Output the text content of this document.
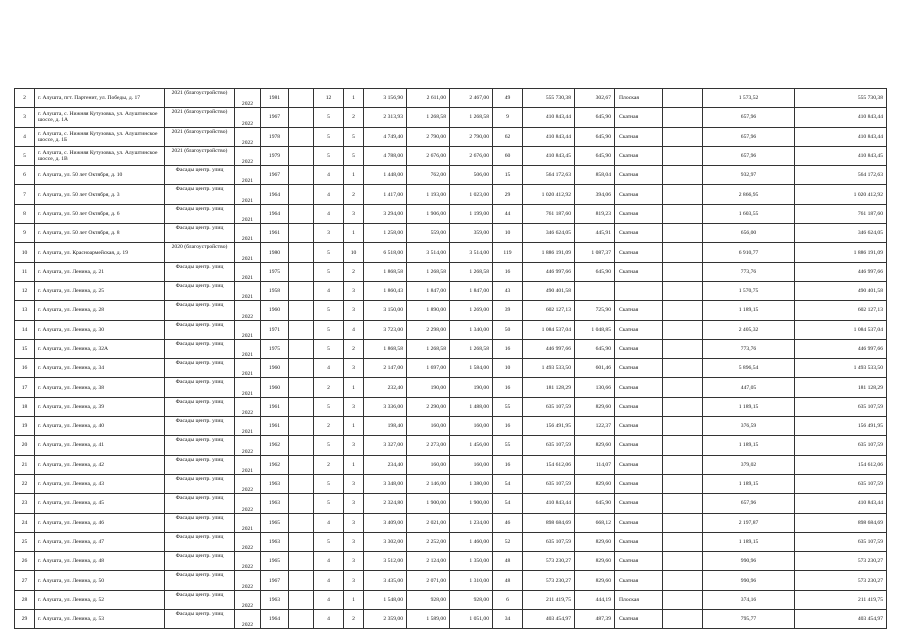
2	г. Алушта, пгт. Партенит, ул. Победы, д. 17	2021 (благоустройство)	2022	1981		12	1	3 156,90	2 611,00	2 467,00	49	555 730,38	302,67	Плоская		1 573,52	555 730,38
3	г. Алушта, с. Нижняя Кутузовка, ул. Алуштинское шоссе, д. 1А	2021 (благоустройство)	2022	1967		5	2	2 313,93	1 268,58	1 268,58	9	410 843,44	645,90	Скатная		657,96	410 843,44
4	г. Алушта, с. Нижняя Кутузовка, ул. Алуштинское шоссе, д. 1Б	2021 (благоустройство)	2022	1978		5	5	4 749,40	2 790,00	2 790,00	62	410 843,44	645,90	Скатная		657,96	410 843,44
5	г. Алушта, с. Нижняя Кутузовка, ул. Алуштинское шоссе, д. 1В	2021 (благоустройство)	2022	1979		5	5	4 788,00	2 676,00	2 676,00	60	410 843,45	645,90	Скатная		657,96	410 843,45
6	г. Алушта, ул. 50 лет Октября, д. 10	Фасады центр. улиц	2021	1967		4	1	1 448,00	762,00	506,00	15	564 172,63	858,04	Скатная		932,97	564 172,63
7	г. Алушта, ул. 50 лет Октября, д. 3	Фасады центр. улиц	2021	1964		4	2	1 417,00	1 193,00	1 023,00	29	1 020 412,92	394,06	Скатная		2 866,95	1 020 412,92
8	г. Алушта, ул. 50 лет Октября, д. 6	Фасады центр. улиц	2021	1964		4	3	3 294,00	1 906,00	1 199,00	44	761 187,60	819,23	Скатная		1 603,55	761 187,60
9	г. Алушта, ул. 50 лет Октября, д. 8	Фасады центр. улиц	2021	1961		3	1	1 258,00	559,00	359,00	10	346 624,05	445,91	Скатная		656,00	346 624,05
10	г. Алушта, ул. Красноармейская, д. 19	2020 (благоустройство)	2021	1980		5	10	6 518,00	3 514,00	3 514,00	119	1 886 191,09	1 087,37	Скатная		6 910,77	1 886 191,09
11	г. Алушта, ул. Ленина, д. 21	Фасады центр. улиц	2021	1975		5	2	1 868,58	1 268,58	1 268,58	16	446 997,66	645,90	Скатная		773,76	446 997,66
12	г. Алушта, ул. Ленина, д. 25	Фасады центр. улиц	2021	1958		4	3	1 860,43	1 847,00	1 847,00	43	490 401,58				1 570,75	490 401,58
13	г. Алушта, ул. Ленина, д. 28	Фасады центр. улиц	2022	1960		5	3	3 150,00	1 890,00	1 269,00	39	602 127,13	725,90	Скатная		1 189,15	602 127,13
14	г. Алушта, ул. Ленина, д. 30	Фасады центр. улиц	2021	1971		5	4	3 723,00	2 298,00	1 340,00	50	1 084 537,04	1 048,85	Скатная		2 405,32	1 084 537,04
15	г. Алушта, ул. Ленина, д. 32А	Фасады центр. улиц	2021	1975		5	2	1 868,58	1 268,58	1 268,58	16	446 997,66	645,90	Скатная		773,76	446 997,66
16	г. Алушта, ул. Ленина, д. 34	Фасады центр. улиц	2021	1960		4	3	2 147,00	1 697,00	1 584,00	10	1 493 533,50	601,46	Скатная		5 896,54	1 493 533,50
17	г. Алушта, ул. Ленина, д. 38	Фасады центр. улиц	2021	1960		2	1	232,40	190,00	190,00	16	181 128,29	130,66	Скатная		447,05	181 128,29
18	г. Алушта, ул. Ленина, д. 39	Фасады центр. улиц	2022	1961		5	3	3 336,00	2 290,00	1 488,00	55	635 107,59	829,60	Скатная		1 189,15	635 107,59
19	г. Алушта, ул. Ленина, д. 40	Фасады центр. улиц	2021	1961		2	1	198,40	160,00	160,00	16	156 491,95	122,37	Скатная		376,59	156 491,95
20	г. Алушта, ул. Ленина, д. 41	Фасады центр. улиц	2022	1962		5	3	3 327,00	2 273,00	1 456,00	55	635 107,59	829,60	Скатная		1 189,15	635 107,59
21	г. Алушта, ул. Ленина, д. 42	Фасады центр. улиц	2021	1962		2	1	234,40	160,00	160,00	16	154 612,06	114,07	Скатная		379,02	154 612,06
22	г. Алушта, ул. Ленина, д. 43	Фасады центр. улиц	2022	1963		5	3	3 348,00	2 146,00	1 380,00	54	635 107,59	829,60	Скатная		1 189,15	635 107,59
23	г. Алушта, ул. Ленина, д. 45	Фасады центр. улиц	2022	1963		5	3	2 324,80	1 900,00	1 900,00	54	410 843,44	645,90	Скатная		657,96	410 843,44
24	г. Алушта, ул. Ленина, д. 46	Фасады центр. улиц	2021	1965		4	3	3 409,00	2 021,00	1 234,00	46	898 684,69	668,12	Скатная		2 197,87	898 684,69
25	г. Алушта, ул. Ленина, д. 47	Фасады центр. улиц	2022	1963		5	3	3 302,00	2 252,00	1 460,00	52	635 107,59	829,60	Скатная		1 189,15	635 107,59
26	г. Алушта, ул. Ленина, д. 48	Фасады центр. улиц	2022	1965		4	3	3 512,00	2 124,00	1 350,00	48	573 230,27	829,60	Скатная		990,96	573 230,27
27	г. Алушта, ул. Ленина, д. 50	Фасады центр. улиц	2022	1967		4	3	3 435,00	2 071,00	1 310,00	48	573 230,27	829,60	Скатная		990,96	573 230,27
28	г. Алушта, ул. Ленина, д. 52	Фасады центр. улиц	2022	1963		4	1	1 548,00	928,00	928,00	6	211 419,75	444,19	Плоская		374,16	211 419,75
29	г. Алушта, ул. Ленина, д. 53	Фасады центр. улиц	2022	1964		4	2	2 359,00	1 589,00	1 051,00	34	403 454,97	487,39	Скатная		795,77	403 454,97
